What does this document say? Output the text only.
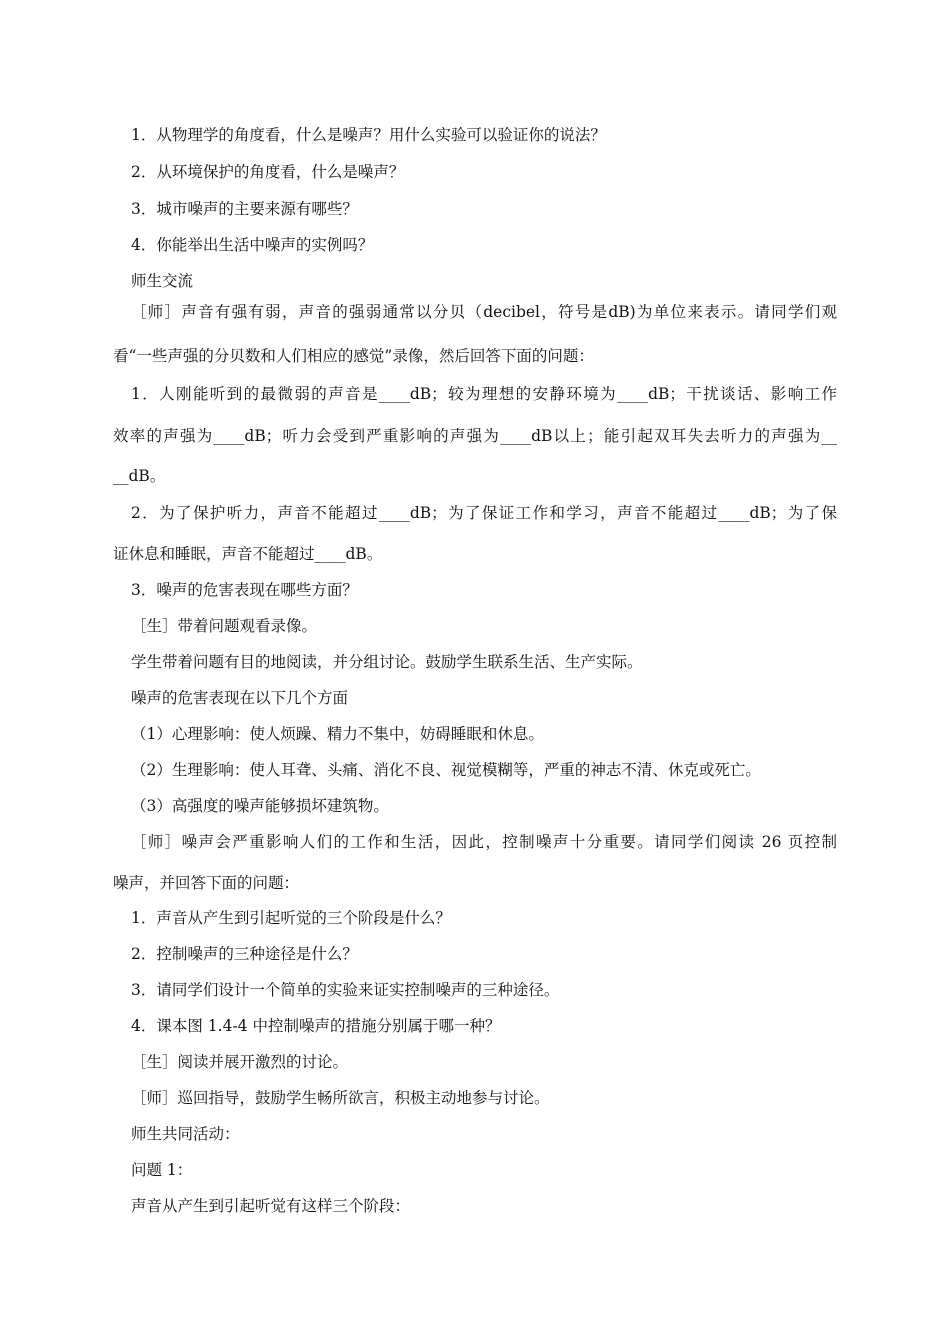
1．从物理学的角度看，什么是噪声？用什么实验可以验证你的说法？

2．从环境保护的角度看，什么是噪声？

3．城市噪声的主要来源有哪些？

4．你能举出生活中噪声的实例吗？

师生交流

［师］声音有强有弱，声音的强弱通常以分贝（decibel，符号是dB)为单位来表示。请同学们观

看“一些声强的分贝数和人们相应的感觉”录像，然后回答下面的问题：

1．人刚能听到的最微弱的声音是____dB；较为理想的安静环境为____dB；干扰谈话、影响工作

效率的声强为____dB；听力会受到严重影响的声强为____dB以上；能引起双耳失去听力的声强为__

__dB。

2．为了保护听力，声音不能超过____dB；为了保证工作和学习，声音不能超过____dB；为了保

证休息和睡眠，声音不能超过____dB。

3．噪声的危害表现在哪些方面？

［生］带着问题观看录像。

学生带着问题有目的地阅读，并分组讨论。鼓励学生联系生活、生产实际。

噪声的危害表现在以下几个方面

（1）心理影响：使人烦躁、精力不集中，妨碍睡眠和休息。

（2）生理影响：使人耳聋、头痛、消化不良、视觉模糊等，严重的神志不清、休克或死亡。

（3）高强度的噪声能够损坏建筑物。

［师］噪声会严重影响人们的工作和生活，因此，控制噪声十分重要。请同学们阅读 26 页控制

噪声，并回答下面的问题：

1．声音从产生到引起听觉的三个阶段是什么？

2．控制噪声的三种途径是什么？

3．请同学们设计一个简单的实验来证实控制噪声的三种途径。

4．课本图 1.4-4 中控制噪声的措施分别属于哪一种？

［生］阅读并展开激烈的讨论。

［师］巡回指导，鼓励学生畅所欲言，积极主动地参与讨论。

师生共同活动：

问题 1：

声音从产生到引起听觉有这样三个阶段：
